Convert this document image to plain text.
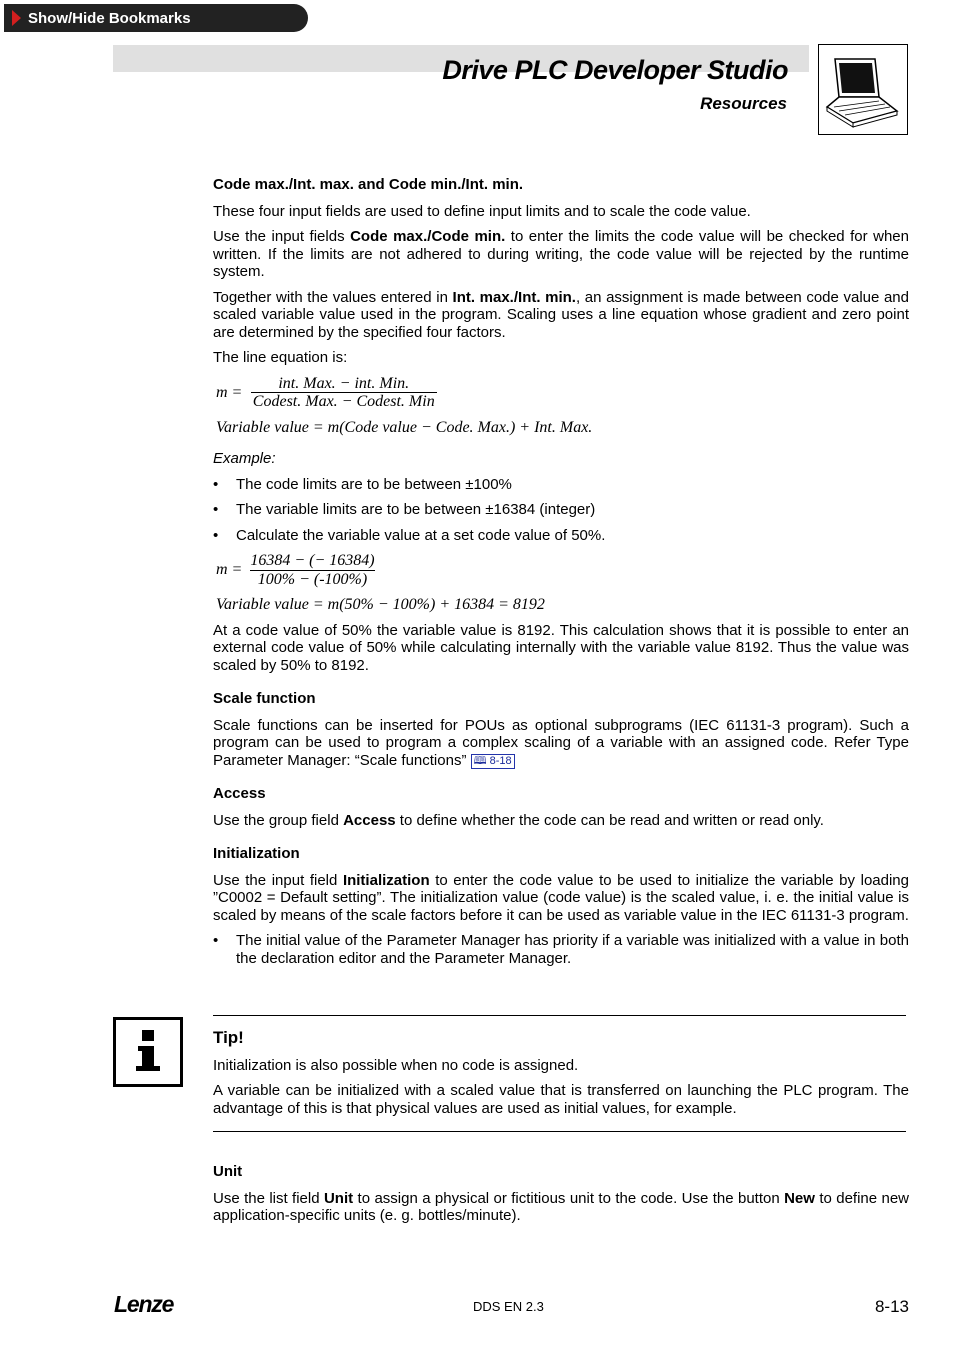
Show/Hide Bookmarks
Drive PLC Developer Studio
Resources
Code max./Int. max. and Code min./Int. min.

These four input fields are used to define input limits and to scale the code value.

Use the input fields Code max./Code min. to enter the limits the code value will be checked for when written. If the limits are not adhered to during writing, the code value will be rejected by the runtime system.

Together with the values entered in Int. max./Int. min., an assignment is made between code value and scaled variable value used in the program. Scaling uses a line equation whose gradient and zero point are determined by the specified four factors.

The line equation is:

$m = \frac{\text{int. Max. − int. Min.}}{\text{Codest. Max. − Codest. Min}}$
Variable value = m(Code value − Code. Max.) + Int. Max.

Example:

•	The code limits are to be between ±100%
•	The variable limits are to be between ±16384 (integer)
•	Calculate the variable value at a set code value of 50%.
$m = \frac{16384 - (- 16384)}{100\% - (-100\%)}$
Variable value = m(50% − 100%) + 16384 = 8192

At a code value of 50% the variable value is 8192. This calculation shows that it is possible to enter an external code value of 50% while calculating internally with the variable value 8192. Thus the value was scaled by 50% to 8192.

Scale function

Scale functions can be inserted for POUs as optional subprograms (IEC 61131-3 program). Such a program can be used to program a complex scaling of a variable with an assigned code. Refer Type Parameter Manager: “Scale functions” 🕮 8-18

Access

Use the group field Access to define whether the code can be read and written or read only.

Initialization

Use the input field Initialization to enter the code value to be used to initialize the variable by loading ”C0002 = Default setting”. The initialization value (code value) is the scaled value, i. e. the initial value is scaled by means of the scale factors before it can be used as variable value in the IEC 61131-3 program.

•	The initial value of the Parameter Manager has priority if a variable was initialized with a value in both the declaration editor and the Parameter Manager.
Tip!

Initialization is also possible when no code is assigned.

A variable can be initialized with a scaled value that is transferred on launching the PLC program. The advantage of this is that physical values are used as initial values, for example.

Unit

Use the list field Unit to assign a physical or fictitious unit to the code. Use the button New to define new application-specific units (e. g. bottles/minute).

Lenze	DDS EN 2.3	8-13
